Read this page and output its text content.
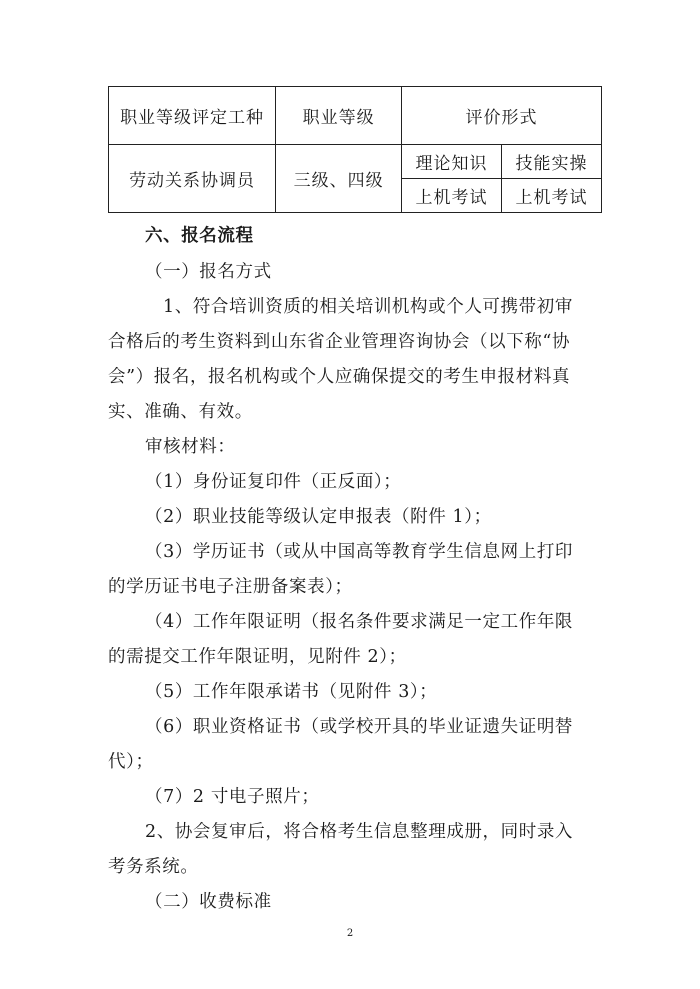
职业等级评定工种	职业等级	评价形式	
劳动关系协调员	三级、四级	理论知识	技能实操
		上机考试	上机考试
六、报名流程
（一）报名方式
1、符合培训资质的相关培训机构或个人可携带初审
合格后的考生资料到山东省企业管理咨询协会（以下称“协
会”）报名，报名机构或个人应确保提交的考生申报材料真
实、准确、有效。
审核材料：
（1）身份证复印件（正反面）；
（2）职业技能等级认定申报表（附件 1）；
（3）学历证书（或从中国高等教育学生信息网上打印
的学历证书电子注册备案表）；
（4）工作年限证明（报名条件要求满足一定工作年限
的需提交工作年限证明，见附件 2）；
（5）工作年限承诺书（见附件 3）；
（6）职业资格证书（或学校开具的毕业证遗失证明替
代）；
（7）2 寸电子照片；
2、协会复审后，将合格考生信息整理成册，同时录入
考务系统。
（二）收费标准
2
